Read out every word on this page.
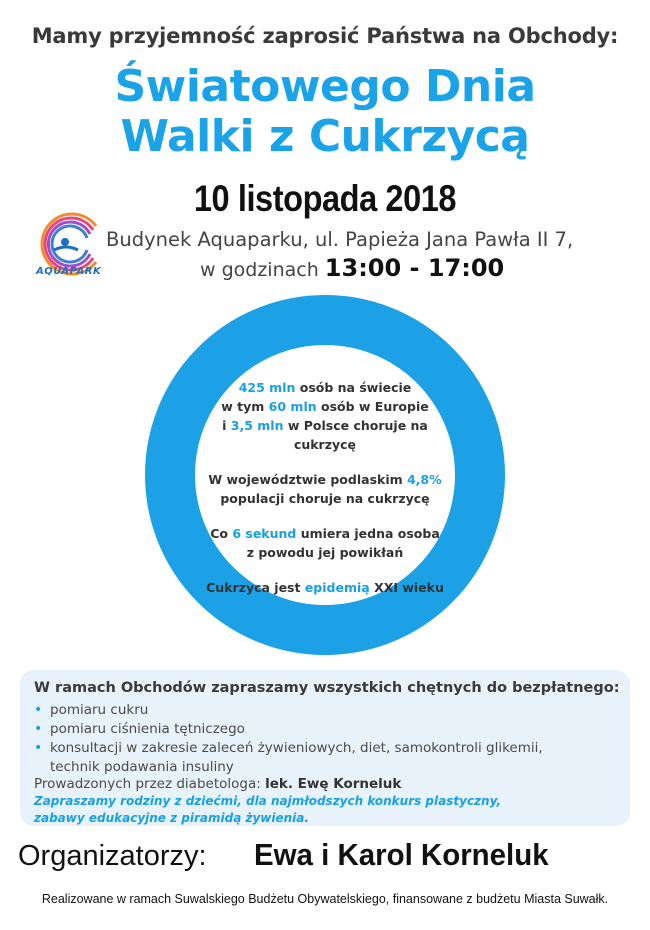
Mamy przyjemność zaprosić Państwa na Obchody:
Światowego Dnia
Walki z Cukrzycą
10 listopada 2018
AQUAPARK
Budynek Aquaparku, ul. Papieża Jana Pawła II 7,
w godzinach 13:00 - 17:00

425 mln osób na świecie
w tym 60 mln osób w Europie
i 3,5 mln w Polsce choruje na cukrzycę

W województwie podlaskim 4,8%
populacji choruje na cukrzycę

Co 6 sekund umiera jedna osoba
z powodu jej powikłań

Cukrzyca jest epidemią XXI wieku

W ramach Obchodów zapraszamy wszystkich chętnych do bezpłatnego:
• pomiaru cukru
• pomiaru ciśnienia tętniczego
• konsultacji w zakresie zaleceń żywieniowych, diet, samokontroli glikemii, technik podawania insuliny
Prowadzonych przez diabetologa: lek. Ewę Korneluk
Zapraszamy rodziny z dziećmi, dla najmłodszych konkurs plastyczny,
zabawy edukacyjne z piramidą żywienia.
Organizatorzy: Ewa i Karol Korneluk
Realizowane w ramach Suwalskiego Budżetu Obywatelskiego, finansowane z budżetu Miasta Suwałk.
